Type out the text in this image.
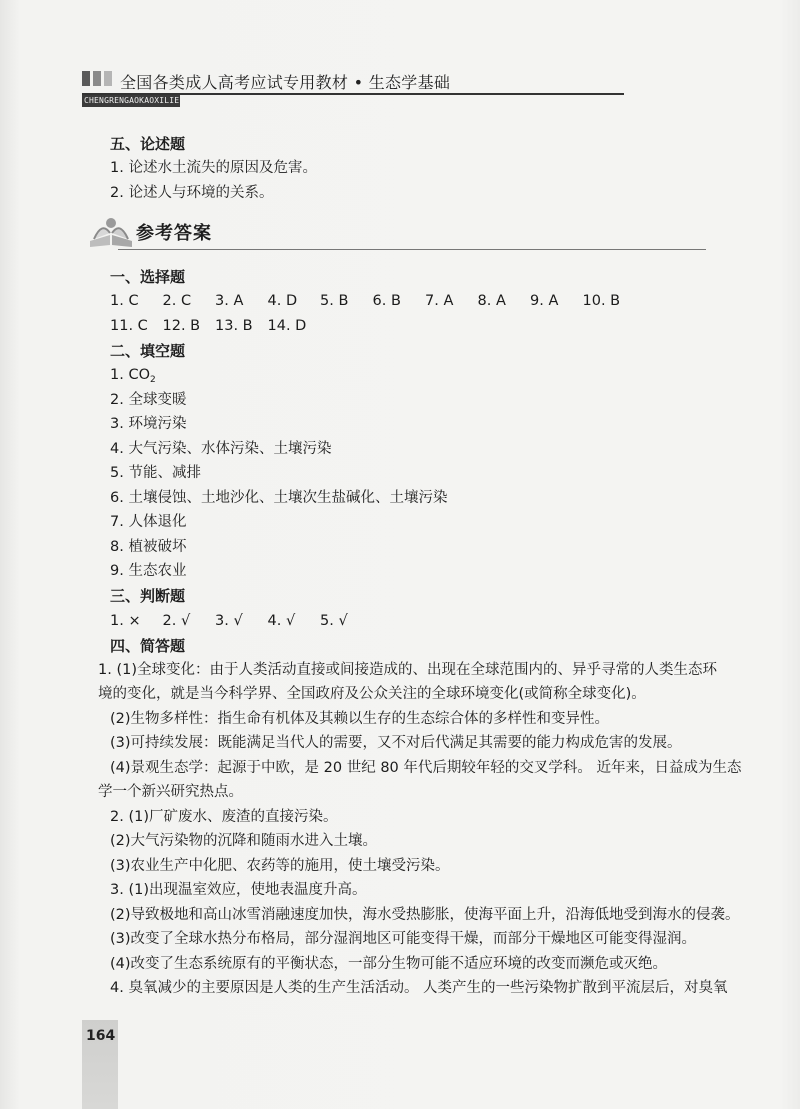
全国各类成人高考应试专用教材 • 生态学基础
CHENGRENGAOKAOXILIE
五、论述题
1. 论述水土流失的原因及危害。
2. 论述人与环境的关系。
参考答案
一、选择题
1. C	2. C	3. A	4. D	5. B	6. B	7. A	8. A	9. A	10. B
11. C	12. B	13. B	14. D
二、填空题
1. $CO_2$
2. 全球变暖
3. 环境污染
4. 大气污染、水体污染、土壤污染
5. 节能、减排
6. 土壤侵蚀、土地沙化、土壤次生盐碱化、土壤污染
7. 人体退化
8. 植被破坏
9. 生态农业
三、判断题
1. ×	2. √	3. √	4. √	5. √
四、简答题
1. (1)全球变化：由于人类活动直接或间接造成的、出现在全球范围内的、异乎寻常的人类生态环
境的变化，就是当今科学界、全国政府及公众关注的全球环境变化(或简称全球变化)。
(2)生物多样性：指生命有机体及其赖以生存的生态综合体的多样性和变异性。
(3)可持续发展：既能满足当代人的需要，又不对后代满足其需要的能力构成危害的发展。
(4)景观生态学：起源于中欧，是 20 世纪 80 年代后期较年轻的交叉学科。 近年来，日益成为生态
学一个新兴研究热点。
2. (1)厂矿废水、废渣的直接污染。
(2)大气污染物的沉降和随雨水进入土壤。
(3)农业生产中化肥、农药等的施用，使土壤受污染。
3. (1)出现温室效应，使地表温度升高。
(2)导致极地和高山冰雪消融速度加快，海水受热膨胀，使海平面上升，沿海低地受到海水的侵袭。
(3)改变了全球水热分布格局，部分湿润地区可能变得干燥，而部分干燥地区可能变得湿润。
(4)改变了生态系统原有的平衡状态，一部分生物可能不适应环境的改变而濒危或灭绝。
4. 臭氧减少的主要原因是人类的生产生活活动。 人类产生的一些污染物扩散到平流层后，对臭氧
164
